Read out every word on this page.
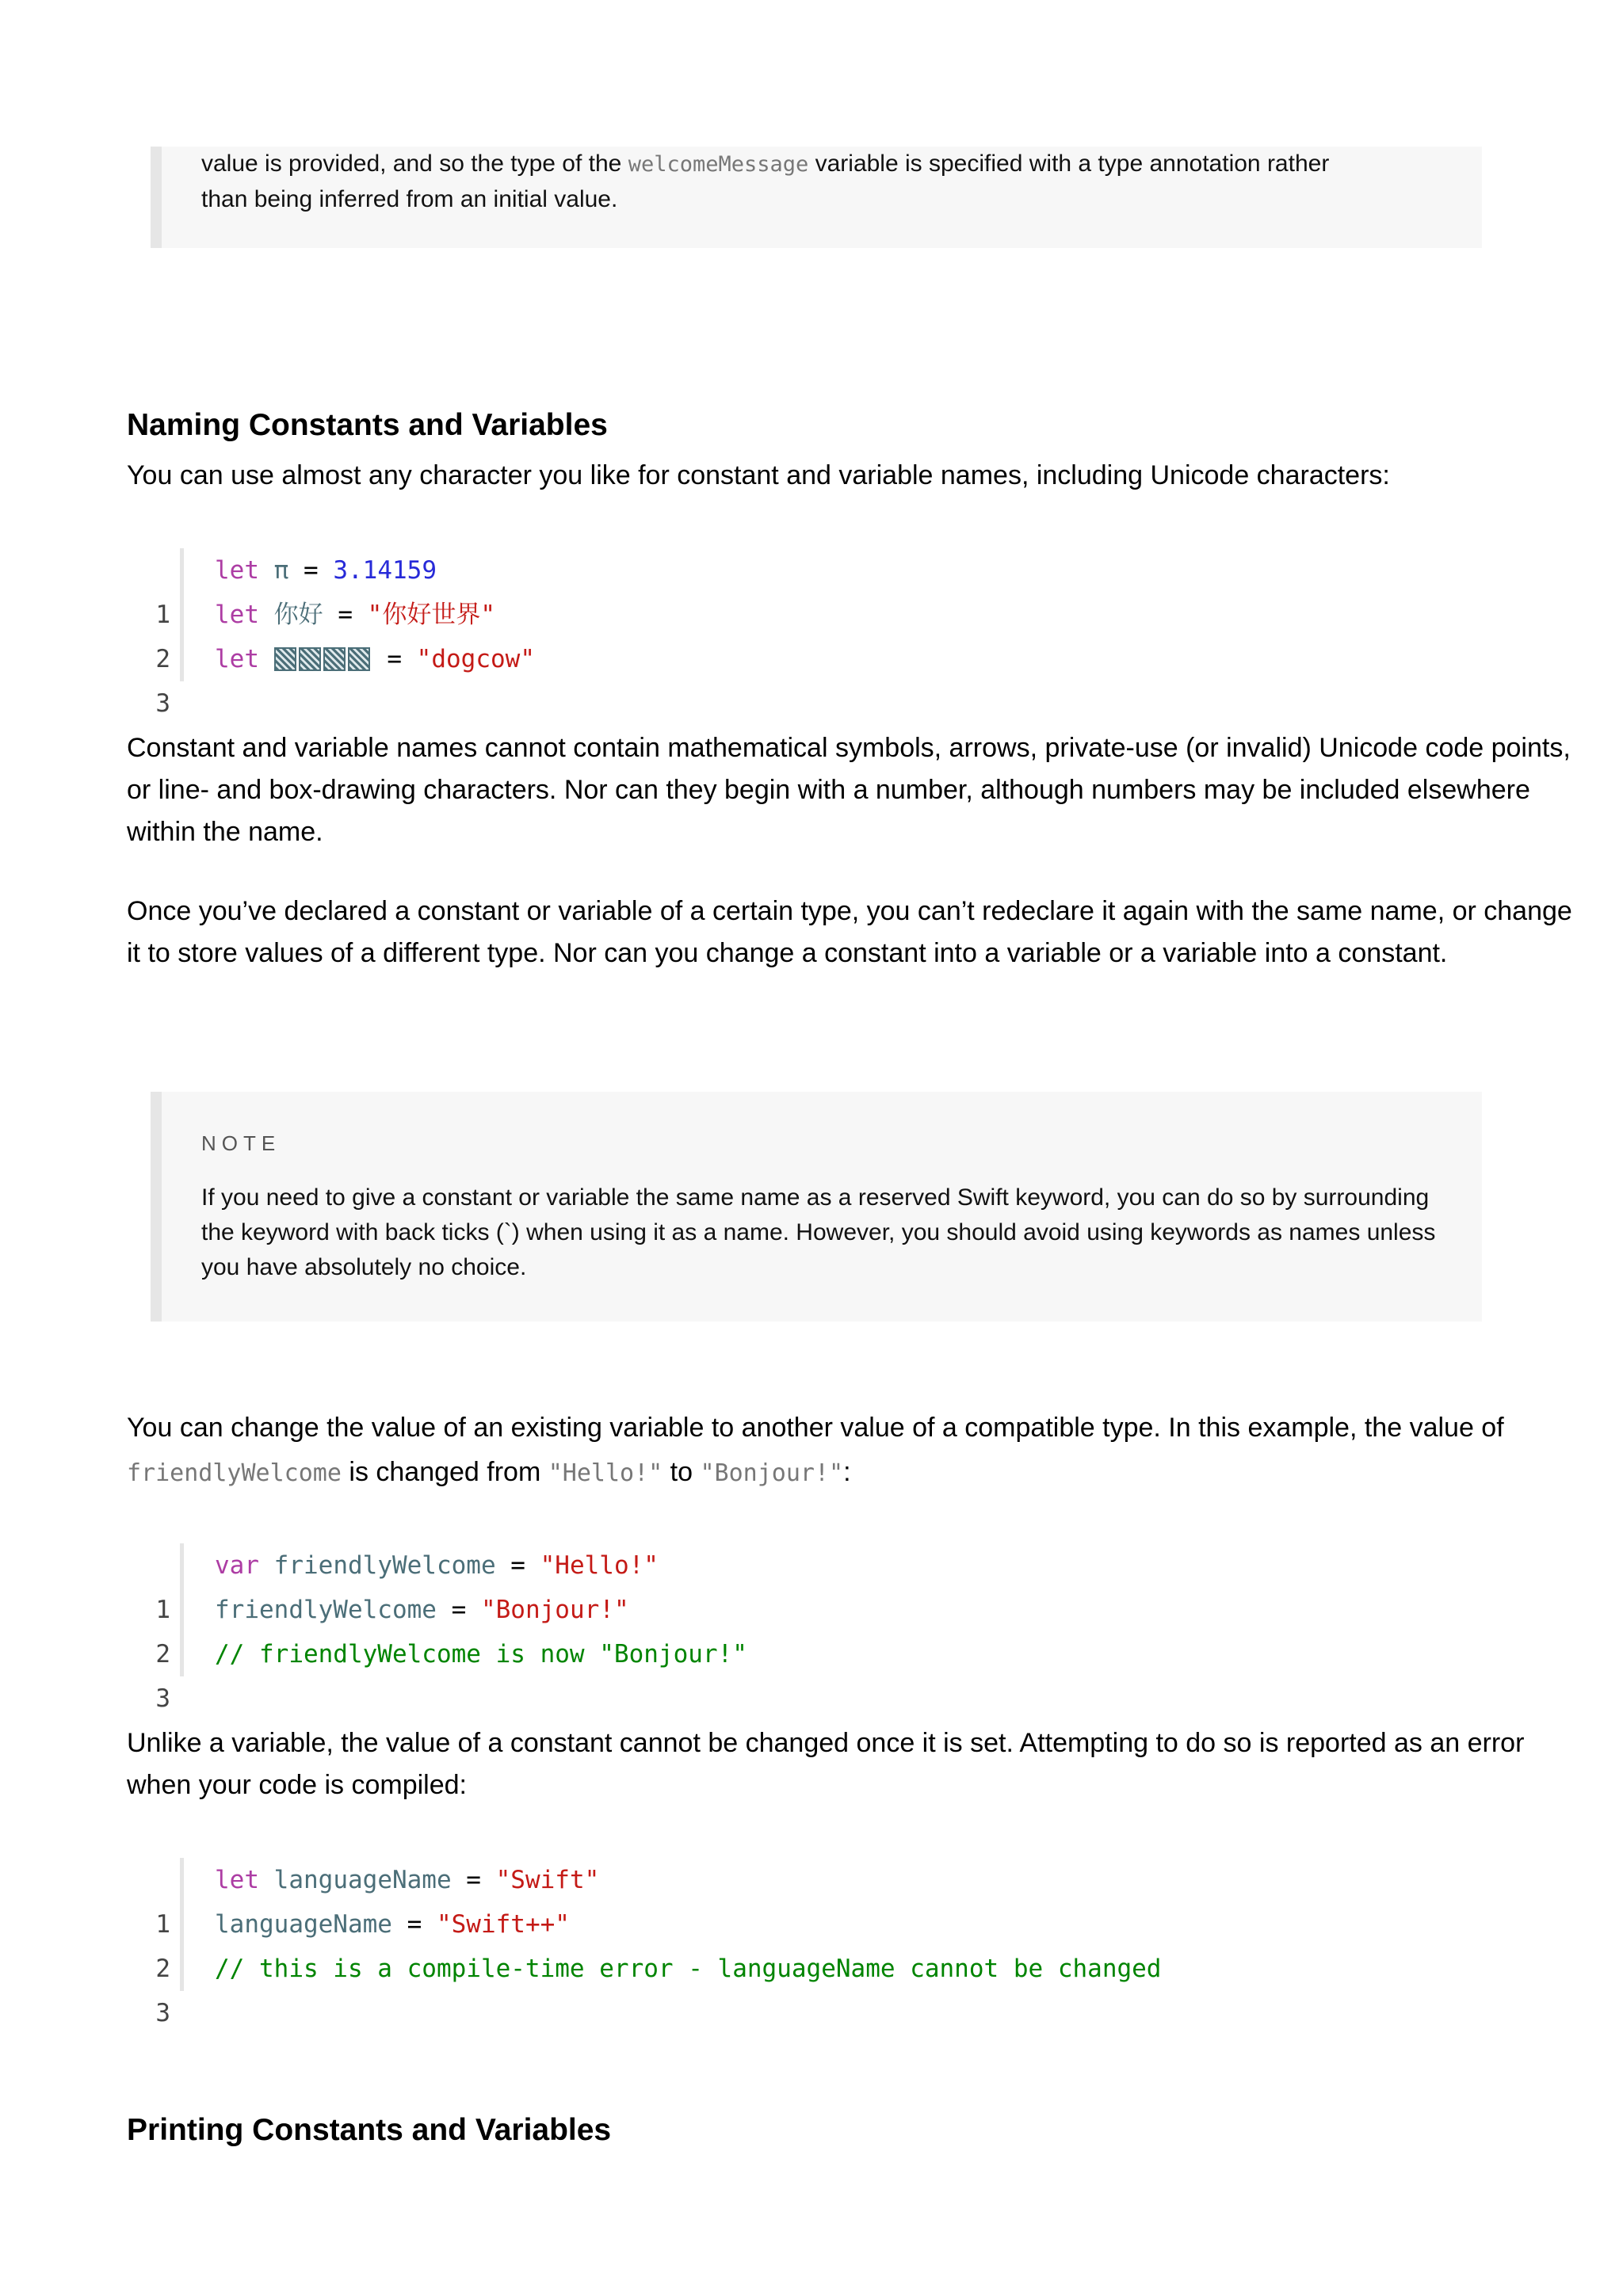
value is provided, and so the type of the welcomeMessage variable is specified with a type annotation rather
than being inferred from an initial value.
Naming Constants and Variables
You can use almost any character you like for constant and variable names, including Unicode characters:

1

let π = 3.14159

2

let 你好 = "你好世界"

3

let	= "dogcow"

Constant and variable names cannot contain mathematical symbols, arrows, private-use (or invalid) Unicode code points, or line- and box-drawing characters. Nor can they begin with a number, although numbers may be included elsewhere within the name.
Once you’ve declared a constant or variable of a certain type, you can’t redeclare it again with the same name, or change it to store values of a different type. Nor can you change a constant into a variable or a variable into a constant.
NOTE
If you need to give a constant or variable the same name as a reserved Swift keyword, you can do so by surrounding the keyword with back ticks (`) when using it as a name. However, you should avoid using keywords as names unless you have absolutely no choice.
You can change the value of an existing variable to another value of a compatible type. In this example, the value of friendlyWelcome is changed from "Hello!" to "Bonjour!":

1

var friendlyWelcome = "Hello!"

2

friendlyWelcome = "Bonjour!"

3

// friendlyWelcome is now "Bonjour!"

Unlike a variable, the value of a constant cannot be changed once it is set. Attempting to do so is reported as an error when your code is compiled:

1

let languageName = "Swift"

2

languageName = "Swift++"

3

// this is a compile-time error - languageName cannot be changed

Printing Constants and Variables
